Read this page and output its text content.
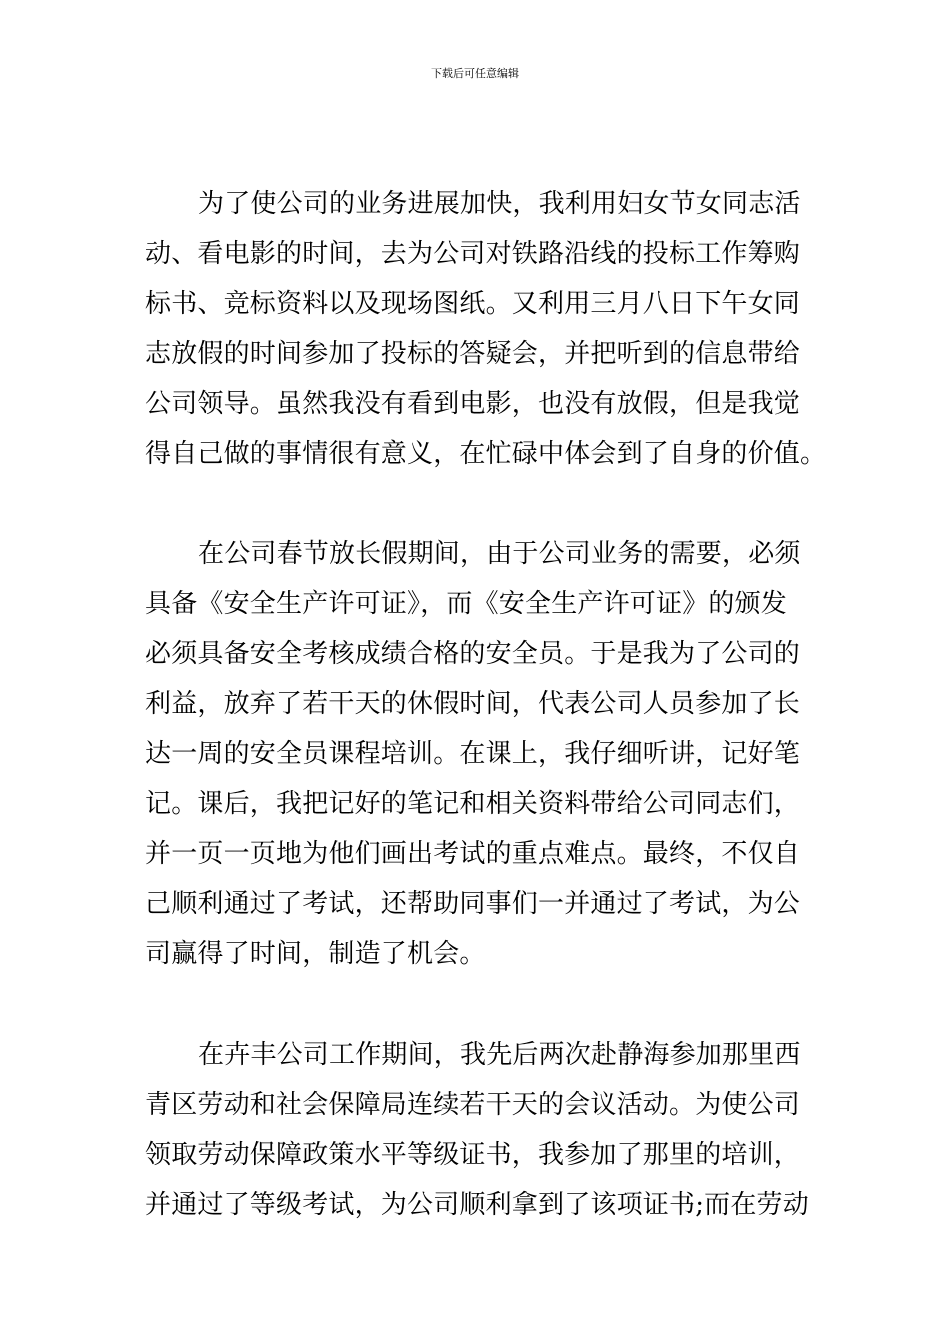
下载后可任意编辑
为了使公司的业务进展加快，我利用妇女节女同志活
动、看电影的时间，去为公司对铁路沿线的投标工作筹购
标书、竞标资料以及现场图纸。又利用三月八日下午女同
志放假的时间参加了投标的答疑会，并把听到的信息带给
公司领导。虽然我没有看到电影，也没有放假，但是我觉
得自己做的事情很有意义，在忙碌中体会到了自身的价值。
在公司春节放长假期间，由于公司业务的需要，必须
具备《安全生产许可证》，而《安全生产许可证》的颁发
必须具备安全考核成绩合格的安全员。于是我为了公司的
利益，放弃了若干天的休假时间，代表公司人员参加了长
达一周的安全员课程培训。在课上，我仔细听讲，记好笔
记。课后，我把记好的笔记和相关资料带给公司同志们，
并一页一页地为他们画出考试的重点难点。最终，不仅自
己顺利通过了考试，还帮助同事们一并通过了考试，为公
司赢得了时间，制造了机会。
在卉丰公司工作期间，我先后两次赴静海参加那里西
青区劳动和社会保障局连续若干天的会议活动。为使公司
领取劳动保障政策水平等级证书，我参加了那里的培训，
并通过了等级考试，为公司顺利拿到了该项证书;而在劳动
